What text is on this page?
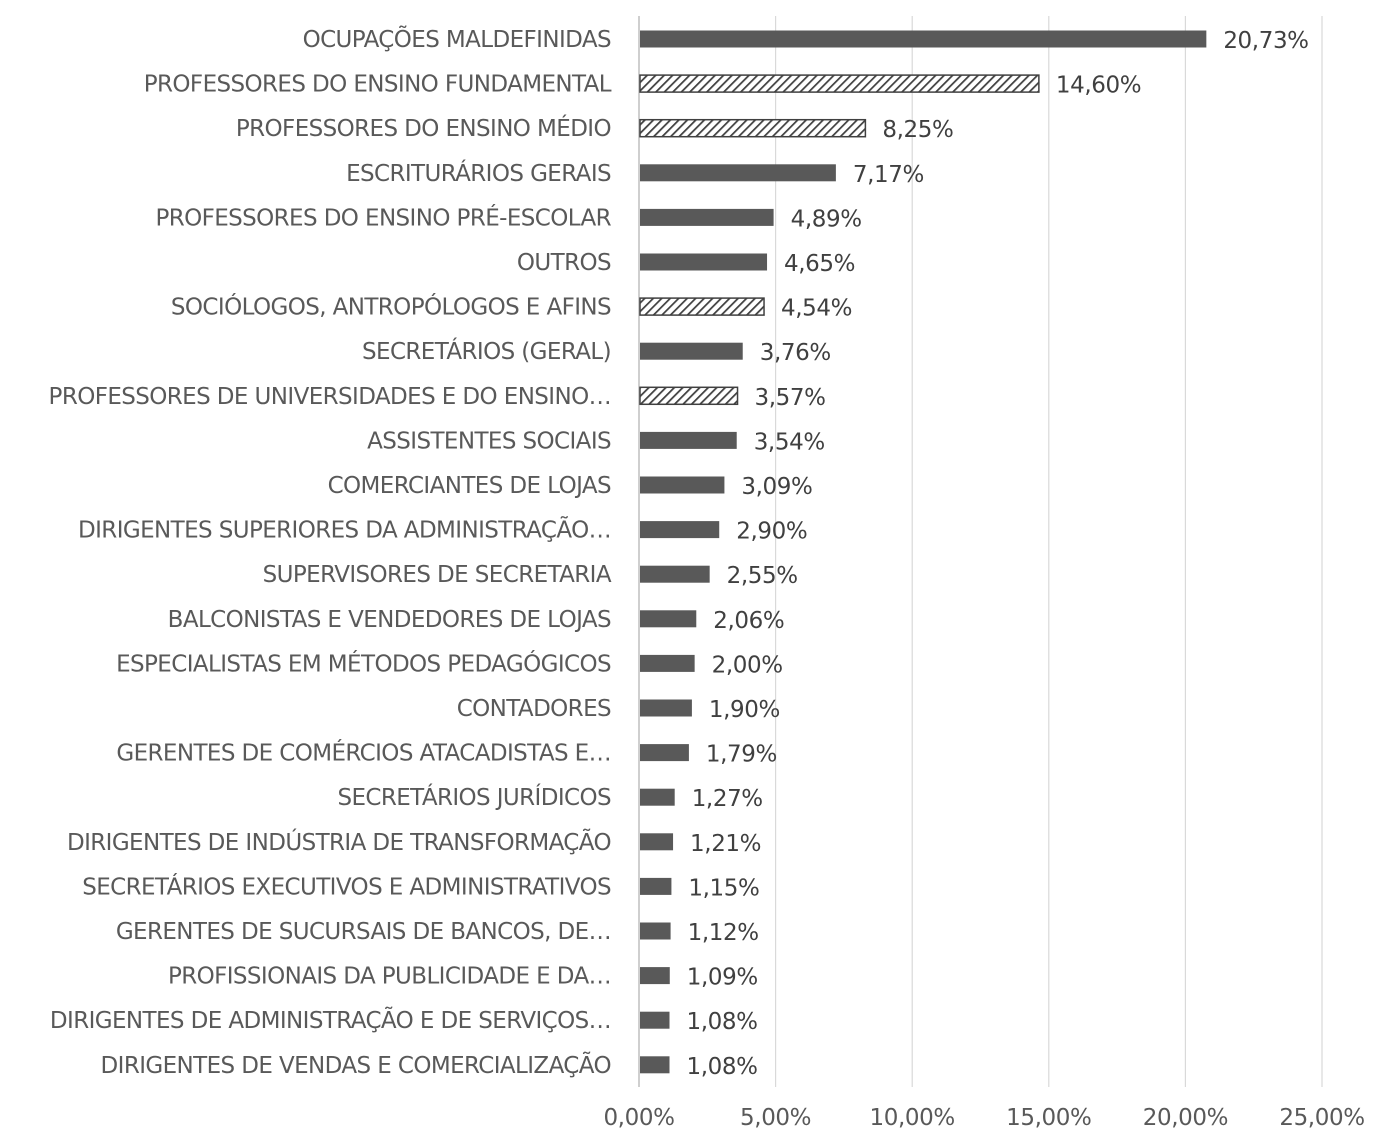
OCUPAÇÕES MALDEFINIDAS
PROFESSORES DO ENSINO FUNDAMENTAL
PROFESSORES DO ENSINO MÉDIO
ESCRITURÁRIOS GERAIS
PROFESSORES DO ENSINO PRÉ-ESCOLAR
OUTROS
SOCIÓLOGOS, ANTROPÓLOGOS E AFINS
SECRETÁRIOS (GERAL)
PROFESSORES DE UNIVERSIDADES E DO ENSINO…
ASSISTENTES SOCIAIS
COMERCIANTES DE LOJAS
DIRIGENTES SUPERIORES DA ADMINISTRAÇÃO…
SUPERVISORES DE SECRETARIA
BALCONISTAS E VENDEDORES DE LOJAS
ESPECIALISTAS EM MÉTODOS PEDAGÓGICOS
CONTADORES
GERENTES DE COMÉRCIOS ATACADISTAS E…
SECRETÁRIOS JURÍDICOS
DIRIGENTES DE INDÚSTRIA DE TRANSFORMAÇÃO
SECRETÁRIOS EXECUTIVOS E ADMINISTRATIVOS
GERENTES DE SUCURSAIS DE BANCOS, DE…
PROFISSIONAIS DA PUBLICIDADE E DA…
DIRIGENTES DE ADMINISTRAÇÃO E DE SERVIÇOS…
DIRIGENTES DE VENDAS E COMERCIALIZAÇÃO
20,73%
14,60%
8,25%
7,17%
4,89%
4,65%
4,54%
3,76%
3,57%
3,54%
3,09%
2,90%
2,55%
2,06%
2,00%
1,90%
1,79%
1,27%
1,21%
1,15%
1,12%
1,09%
1,08%
1,08%
0,00%	5,00%	10,00% 15,00% 20,00% 25,00%
